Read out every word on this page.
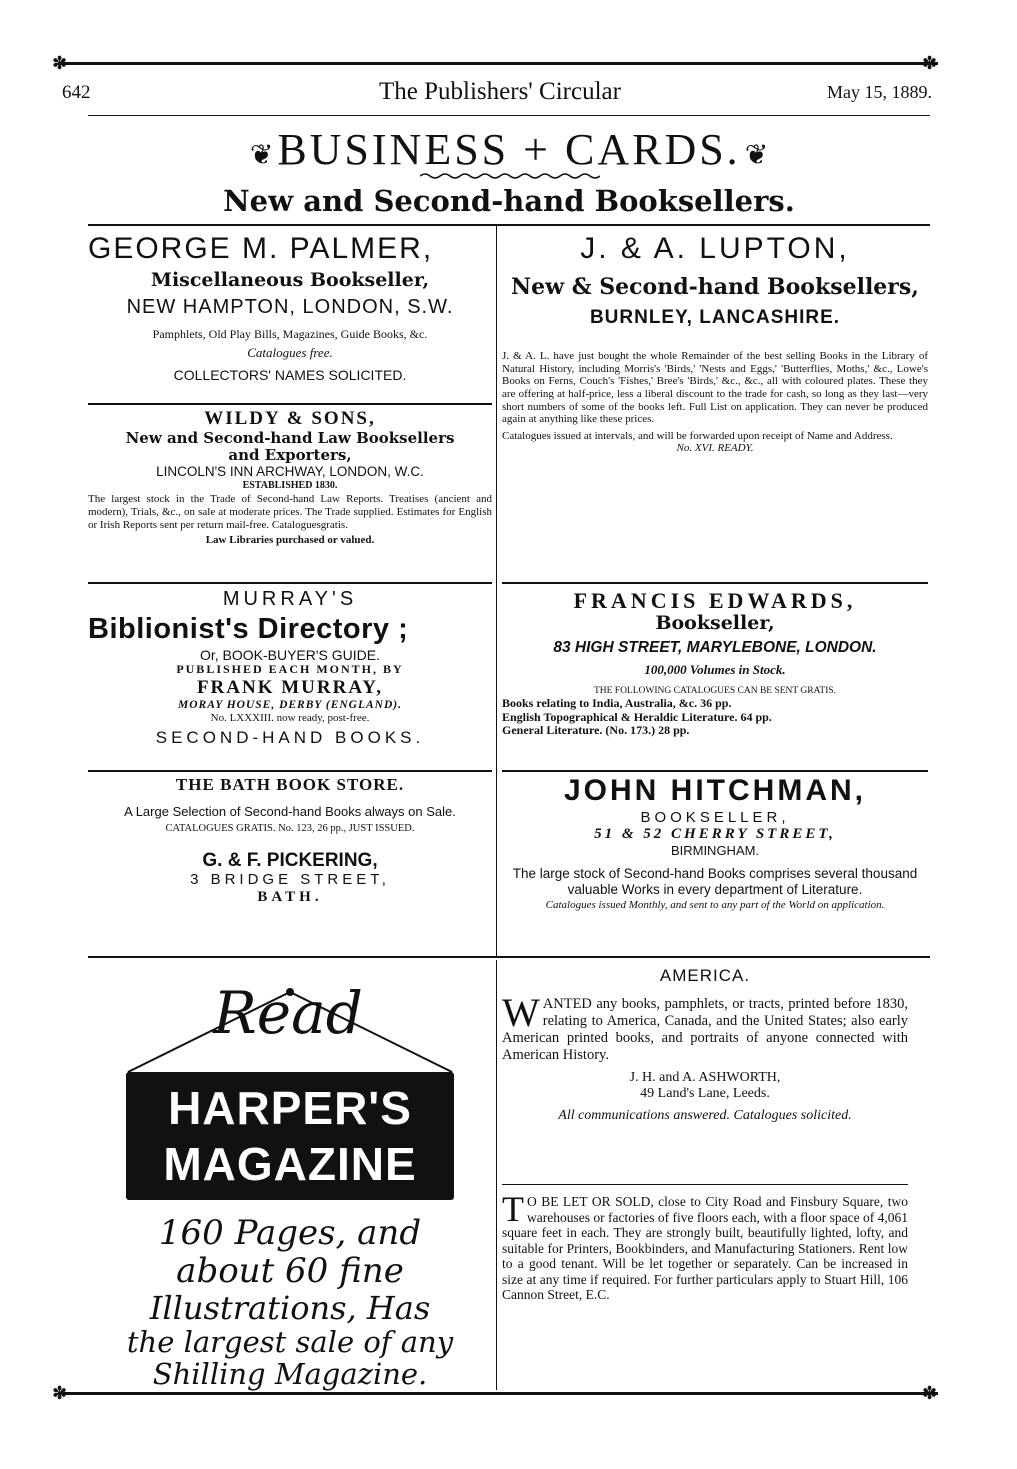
✽	✽
✽	✽
642	The Publishers' Circular	May 15, 1889.
❦ BUSINESS + CARDS. ❦
New and Second-hand Booksellers.
GEORGE M. PALMER,
Miscellaneous Bookseller,
NEW HAMPTON, LONDON, S.W.
Pamphlets, Old Play Bills, Magazines, Guide Books, &c.
Catalogues free.
COLLECTORS' NAMES SOLICITED.
WILDY & SONS,
New and Second-hand Law Booksellers
and Exporters,
LINCOLN'S INN ARCHWAY, LONDON, W.C.
ESTABLISHED 1830.
The largest stock in the Trade of Second-hand Law Reports. Treatises (ancient and modern), Trials, &c., on sale at moderate prices. The Trade supplied. Estimates for English or Irish Reports sent per return mail-free. Cataloguesgratis.
Law Libraries purchased or valued.
MURRAY'S
Biblionist's Directory ;
Or, BOOK-BUYER'S GUIDE.
PUBLISHED EACH MONTH, BY
FRANK MURRAY,
MORAY HOUSE, DERBY (ENGLAND).
No. LXXXIII. now ready, post-free.
SECOND-HAND BOOKS.
THE BATH BOOK STORE.
A Large Selection of Second-hand Books always on Sale.
CATALOGUES GRATIS. No. 123, 26 pp., JUST ISSUED.
G. & F. PICKERING,
3 BRIDGE STREET,
BATH.
J. & A. LUPTON,
New & Second-hand Booksellers,
BURNLEY, LANCASHIRE.
J. & A. L. have just bought the whole Remainder of the best selling Books in the Library of Natural History, including Morris's 'Birds,' 'Nests and Eggs,' 'Butterflies, Moths,' &c., Lowe's Books on Ferns, Couch's 'Fishes,' Bree's 'Birds,' &c., &c., all with coloured plates. These they are offering at half-price, less a liberal discount to the trade for cash, so long as they last—very short numbers of some of the books left. Full List on application. They can never be produced again at anything like these prices.
Catalogues issued at intervals, and will be forwarded upon receipt of Name and Address.
No. XVI. READY.
FRANCIS EDWARDS,
Bookseller,
83 HIGH STREET, MARYLEBONE, LONDON.
100,000 Volumes in Stock.
THE FOLLOWING CATALOGUES CAN BE SENT GRATIS.
Books relating to India, Australia, &c. 36 pp.
English Topographical & Heraldic Literature. 64 pp.
General Literature. (No. 173.) 28 pp.
JOHN HITCHMAN,
BOOKSELLER,
51 & 52 CHERRY STREET,
BIRMINGHAM.
The large stock of Second-hand Books comprises several thousand valuable Works in every department of Literature.
Catalogues issued Monthly, and sent to any part of the World on application.
Read
HARPER'S
MAGAZINE
160 Pages, and
about 60 fine
Illustrations, Has
the largest sale of any
Shilling Magazine.
AMERICA.
W ANTED any books, pamphlets, or tracts, printed before 1830, relating to America, Canada, and the United States; also early American printed books, and portraits of anyone connected with American History.
J. H. and A. ASHWORTH,
49 Land's Lane, Leeds.
All communications answered. Catalogues solicited.
T O BE LET OR SOLD, close to City Road and Finsbury Square, two warehouses or factories of five floors each, with a floor space of 4,061 square feet in each. They are strongly built, beautifully lighted, lofty, and suitable for Printers, Bookbinders, and Manufacturing Stationers. Rent low to a good tenant. Will be let together or separately. Can be increased in size at any time if required. For further particulars apply to Stuart Hill, 106 Cannon Street, E.C.
